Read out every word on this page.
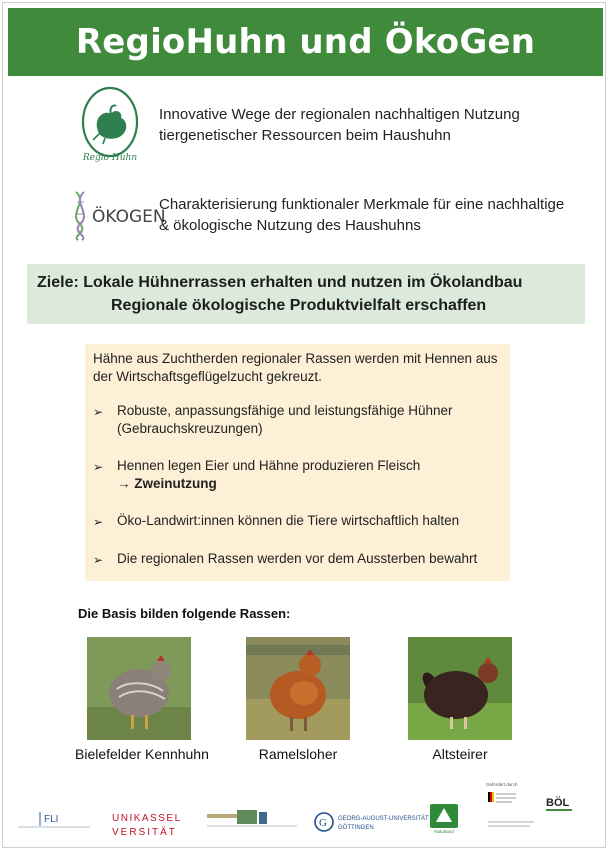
RegioHuhn und ÖkoGen
Regio Huhn
Innovative Wege der regionalen nachhaltigen Nutzung tiergenetischer Ressourcen beim Haushuhn
ÖKOGEN
Charakterisierung funktionaler Merkmale für eine nachhaltige & ökologische Nutzung des Haushuhns
Ziele: Lokale Hühnerrassen erhalten und nutzen im Ökolandbau
Regionale ökologische Produktvielfalt erschaffen

Hähne aus Zuchtherden regionaler Rassen werden mit Hennen aus der Wirtschaftsgeflügelzucht gekreuzt.

➢	Robuste, anpassungsfähige und leistungsfähige Hühner (Gebrauchskreuzungen)
➢	Hennen legen Eier und Hähne produzieren Fleisch
→ Zweinutzung
➢	Öko-Landwirt:innen können die Tiere wirtschaftlich halten
➢	Die regionalen Rassen werden vor dem Aussterben bewahrt
Die Basis bilden folgende Rassen:
Bielefelder Kennhuhn	Ramelsloher	Altsteirer
FLI	UNIKASSEL
VERSITÄT
G GEORG-AUGUST-UNIVERSITÄT
GÖTTINGEN
Naturland
Gefördert durch
BÖL
